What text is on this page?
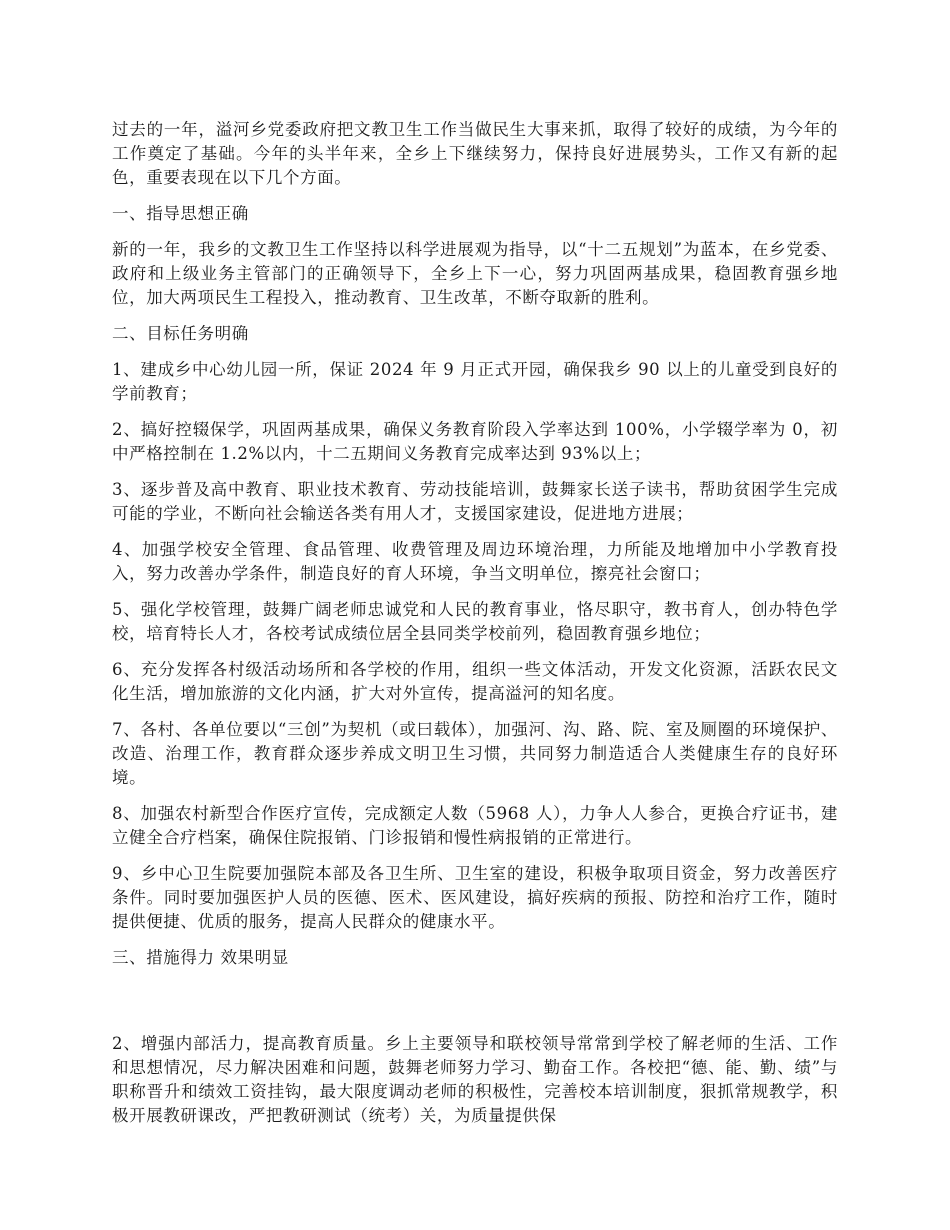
过去的一年，溢河乡党委政府把文教卫生工作当做民生大事来抓，取得了较好的成绩，为今年的工作奠定了基础。今年的头半年来，全乡上下继续努力，保持良好进展势头，工作又有新的起色，重要表现在以下几个方面。

一、指导思想正确

新的一年，我乡的文教卫生工作坚持以科学进展观为指导，以“十二五规划”为蓝本，在乡党委、政府和上级业务主管部门的正确领导下，全乡上下一心，努力巩固两基成果，稳固教育强乡地位，加大两项民生工程投入，推动教育、卫生改革，不断夺取新的胜利。

二、目标任务明确

1、建成乡中心幼儿园一所，保证 2024 年 9 月正式开园，确保我乡 90 以上的儿童受到良好的学前教育；

2、搞好控辍保学，巩固两基成果，确保义务教育阶段入学率达到 100%，小学辍学率为 0，初中严格控制在 1.2%以内，十二五期间义务教育完成率达到 93%以上；

3、逐步普及高中教育、职业技术教育、劳动技能培训，鼓舞家长送子读书，帮助贫困学生完成可能的学业，不断向社会输送各类有用人才，支援国家建设，促进地方进展；

4、加强学校安全管理、食品管理、收费管理及周边环境治理，力所能及地增加中小学教育投入，努力改善办学条件，制造良好的育人环境，争当文明单位，擦亮社会窗口；

5、强化学校管理，鼓舞广阔老师忠诚党和人民的教育事业，恪尽职守，教书育人，创办特色学校，培育特长人才，各校考试成绩位居全县同类学校前列，稳固教育强乡地位；

6、充分发挥各村级活动场所和各学校的作用，组织一些文体活动，开发文化资源，活跃农民文化生活，增加旅游的文化内涵，扩大对外宣传，提高溢河的知名度。

7、各村、各单位要以“三创”为契机（或曰载体），加强河、沟、路、院、室及厕圈的环境保护、改造、治理工作，教育群众逐步养成文明卫生习惯，共同努力制造适合人类健康生存的良好环境。

8、加强农村新型合作医疗宣传，完成额定人数（5968 人），力争人人参合，更换合疗证书，建立健全合疗档案，确保住院报销、门诊报销和慢性病报销的正常进行。

9、乡中心卫生院要加强院本部及各卫生所、卫生室的建设，积极争取项目资金，努力改善医疗条件。同时要加强医护人员的医德、医术、医风建设，搞好疾病的预报、防控和治疗工作，随时提供便捷、优质的服务，提高人民群众的健康水平。

三、措施得力 效果明显

2、增强内部活力，提高教育质量。乡上主要领导和联校领导常常到学校了解老师的生活、工作和思想情况，尽力解决困难和问题，鼓舞老师努力学习、勤奋工作。各校把“德、能、勤、绩”与职称晋升和绩效工资挂钩，最大限度调动老师的积极性，完善校本培训制度，狠抓常规教学，积极开展教研课改，严把教研测试（统考）关，为质量提供保
